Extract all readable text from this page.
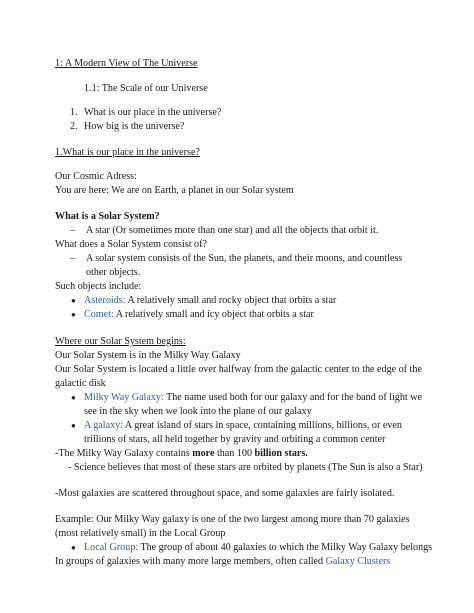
1: A Modern View of The Universe
1.1: The Scale of our Universe
1. What is our place in the universe?
2. How big is the universe?
1.What is our place in the universe?
Our Cosmic Adress:
You are here: We are on Earth, a planet in our Solar system
What is a Solar System?
– A star (Or sometimes more than one star) and all the objects that orbit it.
What does a Solar System consist of?
– A solar system consists of the Sun, the planets, and their moons, and countless
other objects.
Such objects include:
● Asteroids: A relatively small and rocky object that orbits a star
● Comet: A relatively small and icy object that orbits a star
Where our Solar System begins:
Our Solar System is in the Milky Way Galaxy
Our Solar System is located a little over halfway from the galactic center to the edge of the
galactic disk
● Milky Way Galaxy: The name used both for our galaxy and for the band of light we
see in the sky when we look into the plane of our galaxy
● A galaxy: A great island of stars in space, containing millions, billions, or even
trillions of stars, all held together by gravity and orbiting a common center
-The Milky Way Galaxy contains more than 100 billion stars.
- Science believes that most of these stars are orbited by planets (The Sun is also a Star)
-Most galaxies are scattered throughout space, and some galaxies are fairly isolated.
Example: Our Milky Way galaxy is one of the two largest among more than 70 galaxies
(most relatively small) in the Local Group
● Local Group: The group of about 40 galaxies to which the Milky Way Galaxy belongs
In groups of galaxies with many more large members, often called Galaxy Clusters
